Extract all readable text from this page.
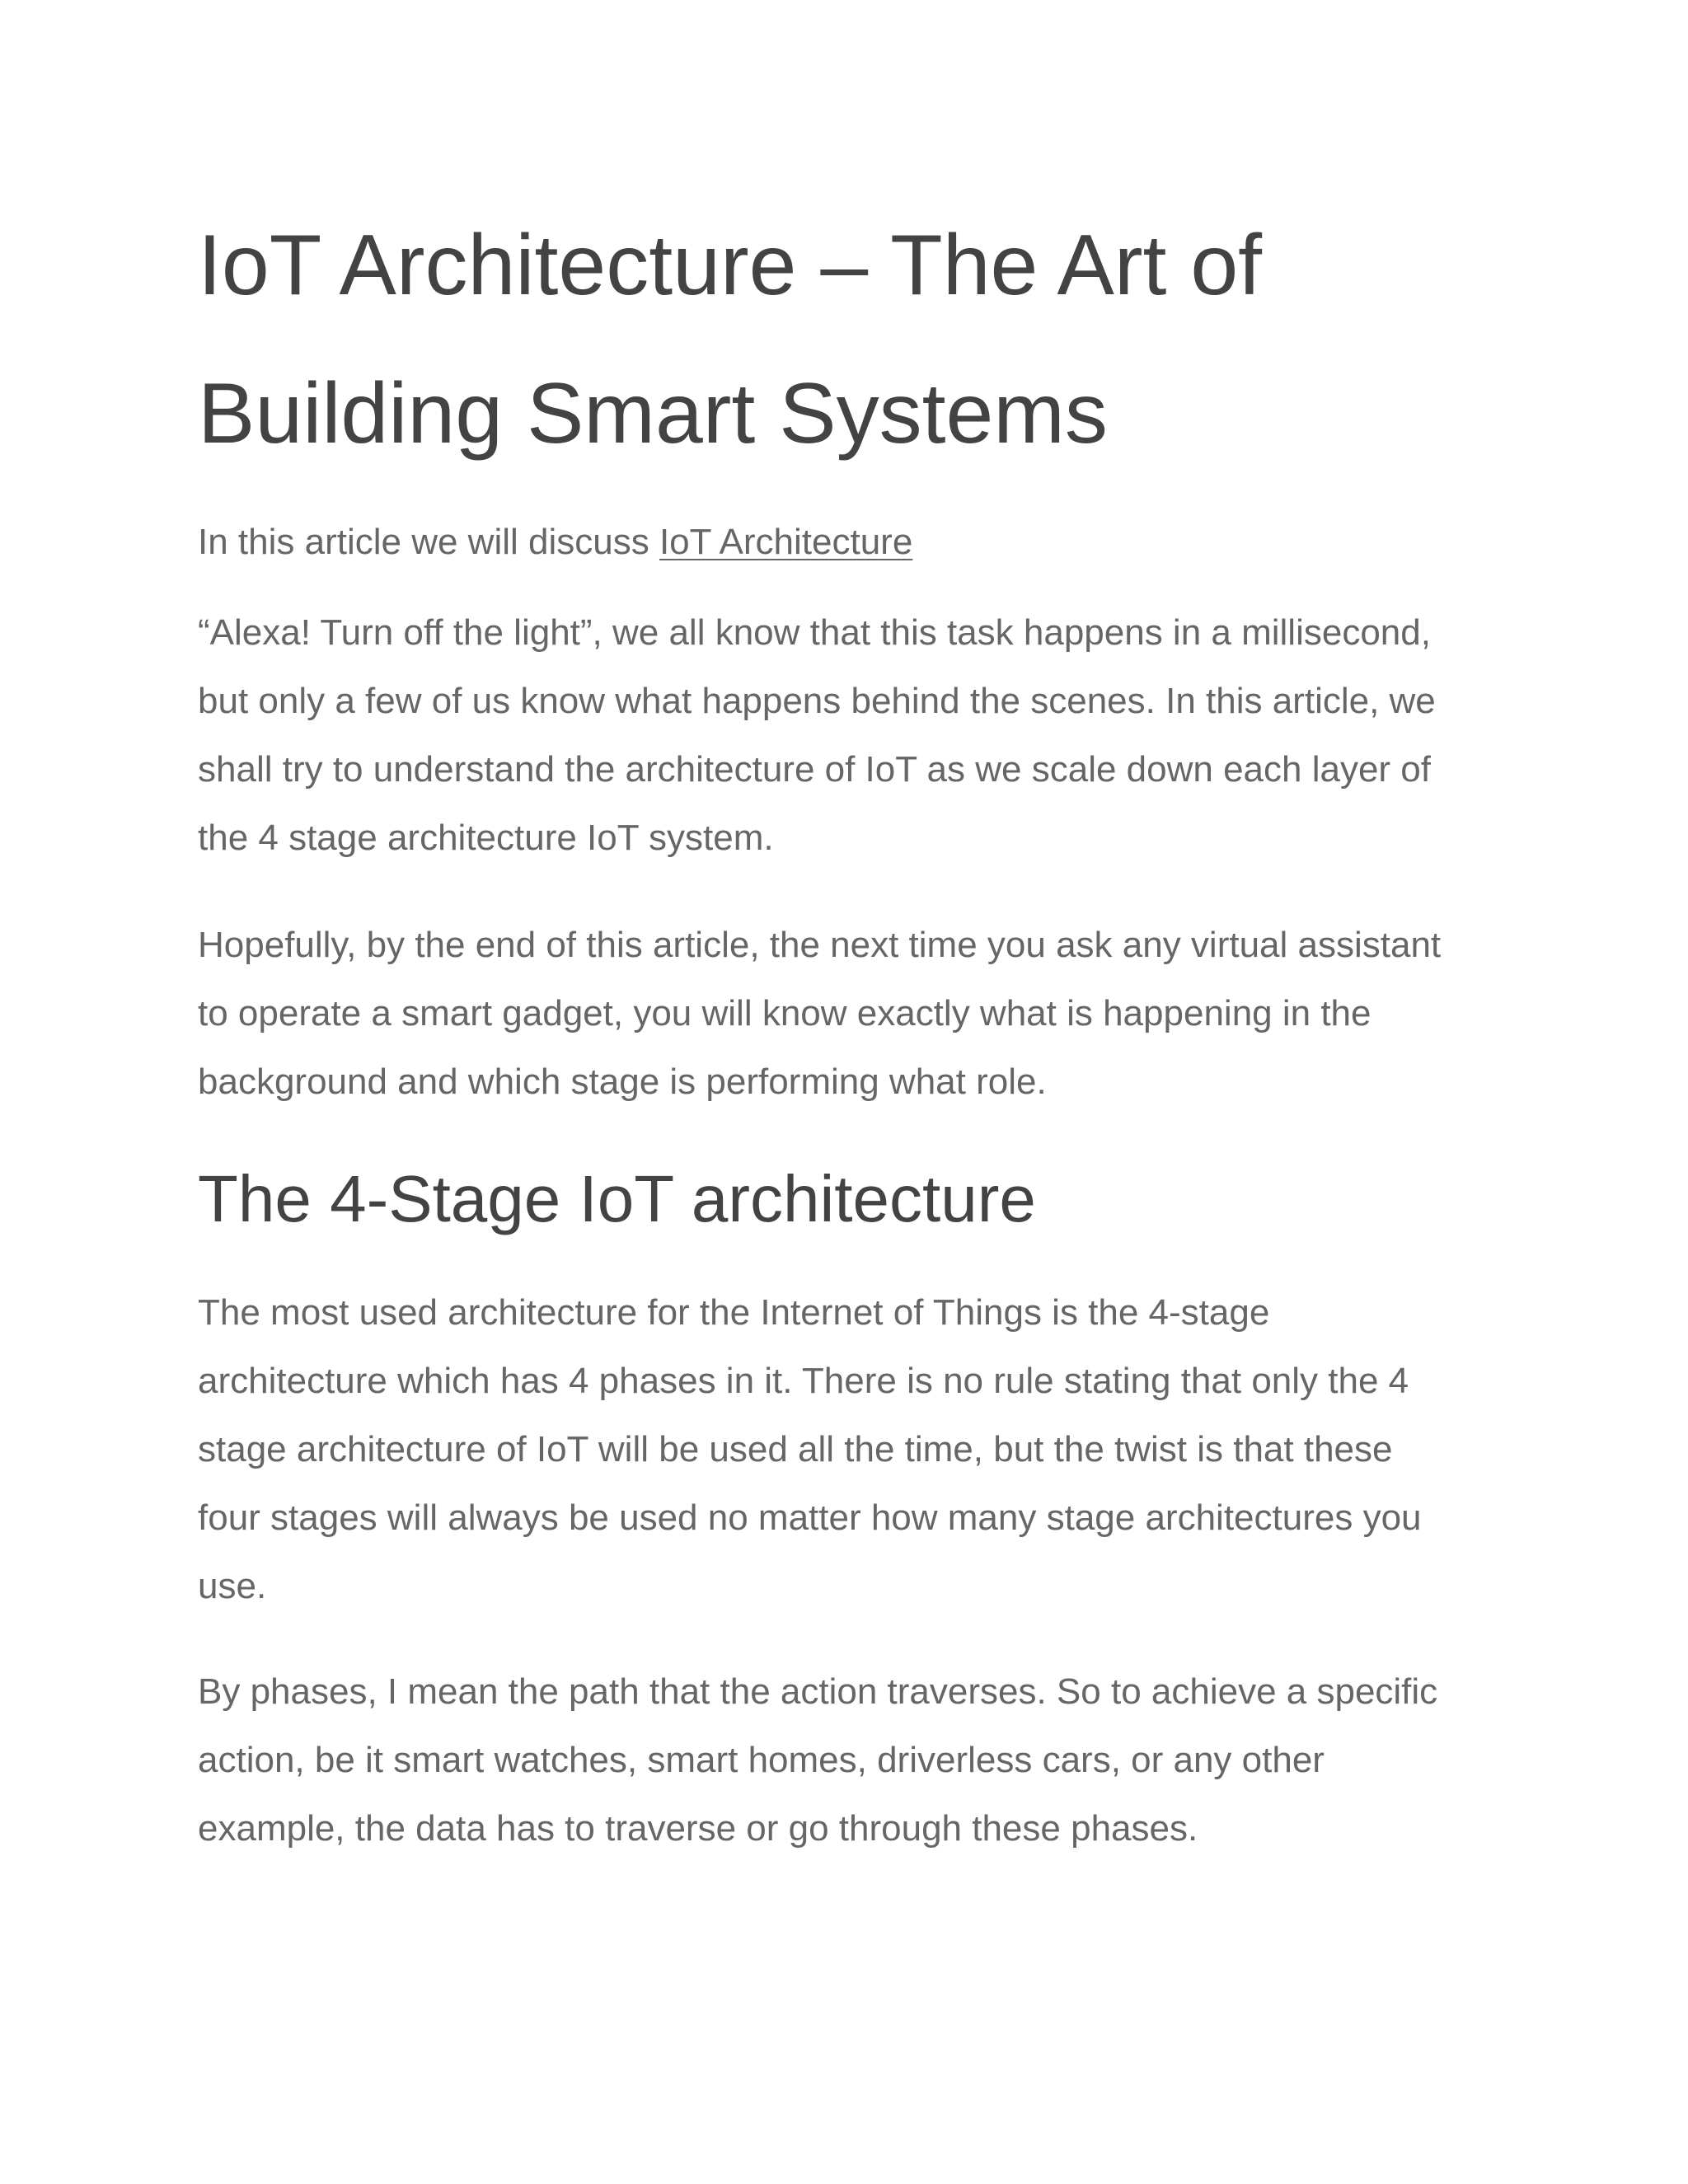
IoT Architecture – The Art of
Building Smart Systems

In this article we will discuss IoT Architecture

“Alexa! Turn off the light”, we all know that this task happens in a millisecond,
but only a few of us know what happens behind the scenes. In this article, we
shall try to understand the architecture of IoT as we scale down each layer of
the 4 stage architecture IoT system.

Hopefully, by the end of this article, the next time you ask any virtual assistant
to operate a smart gadget, you will know exactly what is happening in the
background and which stage is performing what role.

The 4-Stage IoT architecture

The most used architecture for the Internet of Things is the 4-stage
architecture which has 4 phases in it. There is no rule stating that only the 4
stage architecture of IoT will be used all the time, but the twist is that these
four stages will always be used no matter how many stage architectures you
use.

By phases, I mean the path that the action traverses. So to achieve a specific
action, be it smart watches, smart homes, driverless cars, or any other
example, the data has to traverse or go through these phases.
